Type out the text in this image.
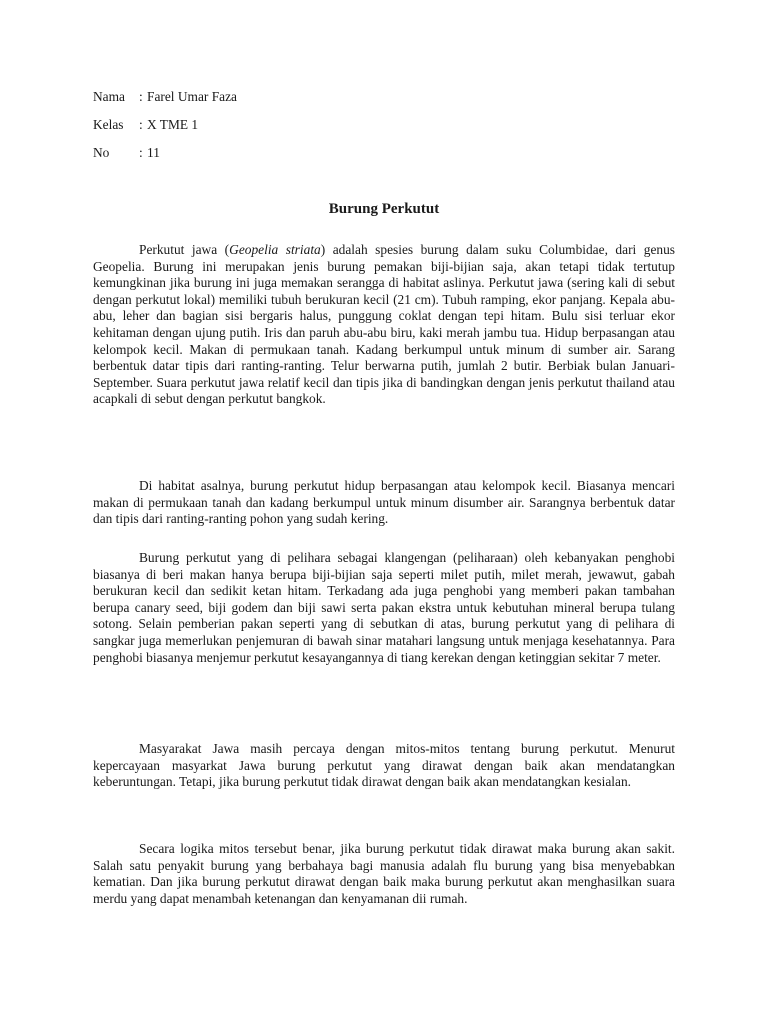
Nama	: Farel Umar Faza
Kelas	: X TME 1
No	: 11
Burung Perkutut

Perkutut jawa (Geopelia striata) adalah spesies burung dalam suku Columbidae, dari genus Geopelia. Burung ini merupakan jenis burung pemakan biji-bijian saja, akan tetapi tidak tertutup kemungkinan jika burung ini juga memakan serangga di habitat aslinya. Perkutut jawa (sering kali di sebut dengan perkutut lokal) memiliki tubuh berukuran kecil (21 cm). Tubuh ramping, ekor panjang. Kepala abu-abu, leher dan bagian sisi bergaris halus, punggung coklat dengan tepi hitam. Bulu sisi terluar ekor kehitaman dengan ujung putih. Iris dan paruh abu-abu biru, kaki merah jambu tua. Hidup berpasangan atau kelompok kecil. Makan di permukaan tanah. Kadang berkumpul untuk minum di sumber air. Sarang berbentuk datar tipis dari ranting-ranting. Telur berwarna putih, jumlah 2 butir. Berbiak bulan Januari-September. Suara perkutut jawa relatif kecil dan tipis jika di bandingkan dengan jenis perkutut thailand atau acapkali di sebut dengan perkutut bangkok.

Di habitat asalnya, burung perkutut hidup berpasangan atau kelompok kecil. Biasanya mencari makan di permukaan tanah dan kadang berkumpul untuk minum disumber air. Sarangnya berbentuk datar dan tipis dari ranting-ranting pohon yang sudah kering.

Burung perkutut yang di pelihara sebagai klangengan (peliharaan) oleh kebanyakan penghobi biasanya di beri makan hanya berupa biji-bijian saja seperti milet putih, milet merah, jewawut, gabah berukuran kecil dan sedikit ketan hitam. Terkadang ada juga penghobi yang memberi pakan tambahan berupa canary seed, biji godem dan biji sawi serta pakan ekstra untuk kebutuhan mineral berupa tulang sotong. Selain pemberian pakan seperti yang di sebutkan di atas, burung perkutut yang di pelihara di sangkar juga memerlukan penjemuran di bawah sinar matahari langsung untuk menjaga kesehatannya. Para penghobi biasanya menjemur perkutut kesayangannya di tiang kerekan dengan ketinggian sekitar 7 meter.

Masyarakat Jawa masih percaya dengan mitos-mitos tentang burung perkutut. Menurut kepercayaan masyarkat Jawa burung perkutut yang dirawat dengan baik akan mendatangkan keberuntungan. Tetapi, jika burung perkutut tidak dirawat dengan baik akan mendatangkan kesialan.

Secara logika mitos tersebut benar, jika burung perkutut tidak dirawat maka burung akan sakit. Salah satu penyakit burung yang berbahaya bagi manusia adalah flu burung yang bisa menyebabkan kematian. Dan jika burung perkutut dirawat dengan baik maka burung perkutut akan menghasilkan suara merdu yang dapat menambah ketenangan dan kenyamanan dii rumah.
